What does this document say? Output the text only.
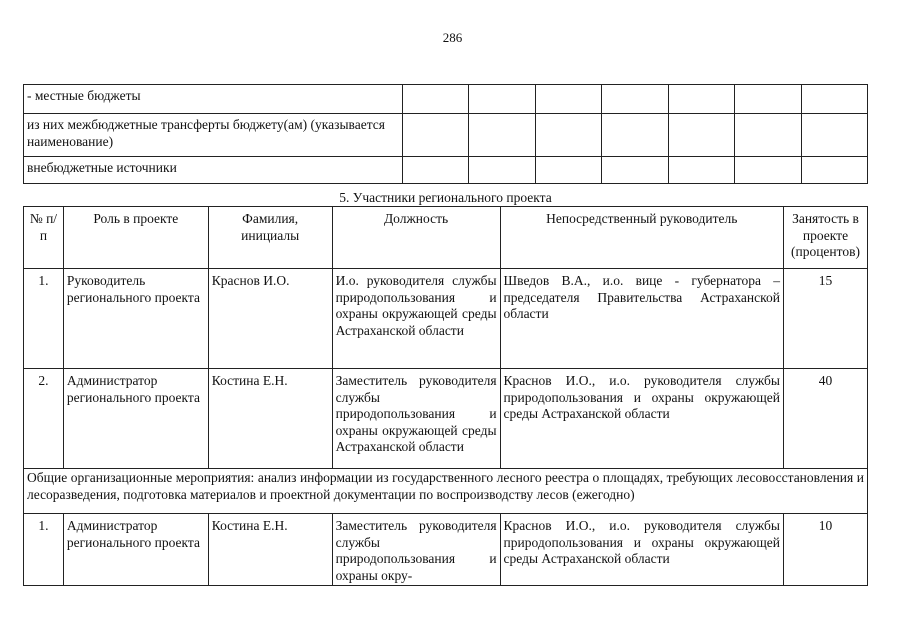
286
- местные бюджеты							
из них межбюджетные трансферты бюджету(ам) (указывается наименование)							
внебюджетные источники							
5. Участники регионального проекта
№ п/п	Роль в проекте	Фамилия, инициалы	Должность	Непосредственный руководитель	Занятость в проекте (процентов)
1.	Руководитель регионального проекта	Краснов И.О.	И.о. руководителя службы природопользования и охраны окружающей среды Астраханской области	Шведов В.А., и.о. вице - губернатора – председателя Правительства Астраханской области	15
2.	Администратор регионального проекта	Костина Е.Н.	Заместитель руководителя службы природопользования и охраны окружающей среды Астраханской области	Краснов И.О., и.о. руководителя службы природопользования и охраны окружающей среды Астраханской области	40
Общие организационные мероприятия: анализ информации из государственного лесного реестра о площадях, требующих лесовосстановления и лесоразведения, подготовка материалов и проектной документации по воспроизводству лесов (ежегодно)					
1.	Администратор регионального проекта	Костина Е.Н.	Заместитель руководителя службы природопользования и охраны окру-	Краснов И.О., и.о. руководителя службы природопользования и охраны окружающей среды Астраханской области	10
